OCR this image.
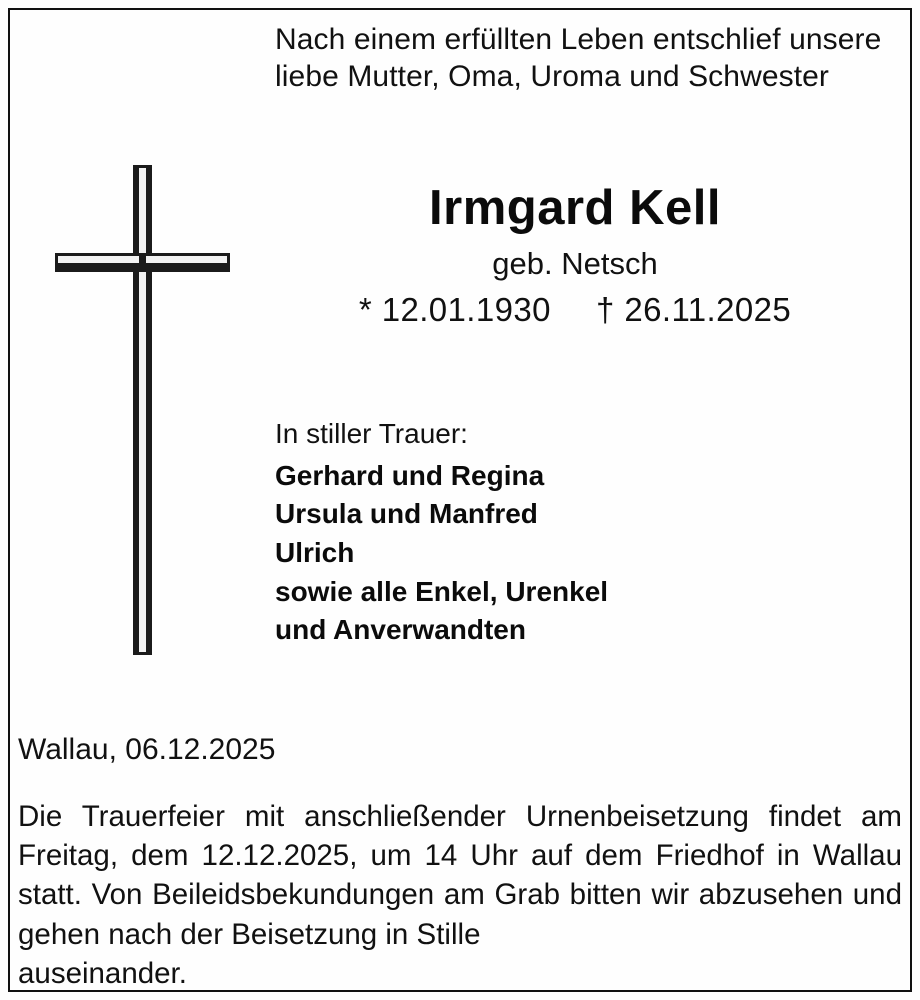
Nach einem erfüllten Leben entschlief unsere liebe Mutter, Oma, Uroma und Schwester
Irmgard Kell
geb. Netsch
* 12.01.1930 † 26.11.2025
In stiller Trauer:
Gerhard und Regina
Ursula und Manfred
Ulrich
sowie alle Enkel, Urenkel
und Anverwandten
Wallau, 06.12.2025
Die Trauerfeier mit anschließender Urnenbeisetzung findet am Freitag, dem 12.12.2025, um 14 Uhr auf dem Friedhof in Wallau statt. Von Beileidsbekundungen am Grab bitten wir abzusehen und gehen nach der Beisetzung in Stille
auseinander.
